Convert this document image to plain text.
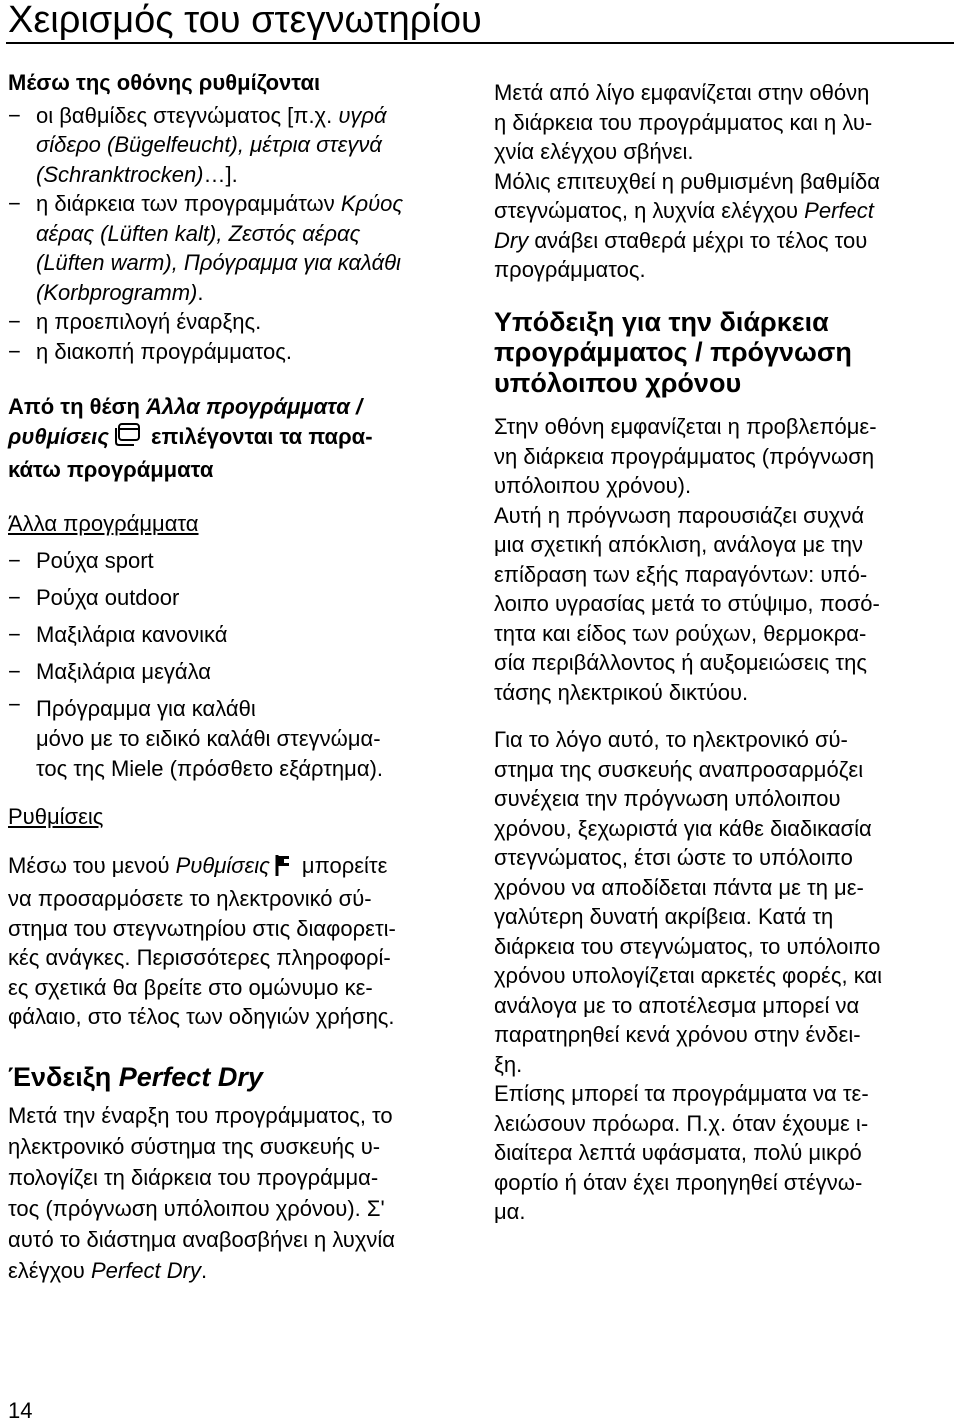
Χειρισμός του στεγνωτηρίου

Μέσω της οθόνης ρυθμίζονται

− οι βαθμίδες στεγνώματος [π.χ. υγρά
σίδερο (Bügelfeucht), μέτρια στεγνά
(Schranktrocken)…].
− η διάρκεια των προγραμμάτων Κρύος
αέρας (Lüften kalt), Ζεστός αέρας
(Lüften warm), Πρόγραμμα για καλάθι
(Korbprogramm).
− η προεπιλογή έναρξης.
− η διακοπή προγράμματος.

Από τη θέση Άλλα προγράμματα /
ρυθμίσεις επιλέγονται τα παρα-
κάτω προγράμματα

Άλλα προγράμματα

− Ρούχα sport
− Ρούχα outdoor
− Μαξιλάρια κανονικά
− Μαξιλάρια μεγάλα
− Πρόγραμμα για καλάθι
μόνο με το ειδικό καλάθι στεγνώμα-
τος της Miele (πρόσθετο εξάρτημα).

Ρυθμίσεις

Μέσω του μενού Ρυθμίσεις μπορείτε
να προσαρμόσετε το ηλεκτρονικό σύ-
στημα του στεγνωτηρίου στις διαφορετι-
κές ανάγκες. Περισσότερες πληροφορί-
ες σχετικά θα βρείτε στο ομώνυμο κε-
φάλαιο, στο τέλος των οδηγιών χρήσης.

Ένδειξη Perfect Dry

Μετά την έναρξη του προγράμματος, το
ηλεκτρονικό σύστημα της συσκευής υ-
πολογίζει τη διάρκεια του προγράμμα-
τος (πρόγνωση υπόλοιπου χρόνου). Σ'
αυτό το διάστημα αναβοσβήνει η λυχνία
ελέγχου Perfect Dry.

Μετά από λίγο εμφανίζεται στην οθόνη
η διάρκεια του προγράμματος και η λυ-
χνία ελέγχου σβήνει.
Μόλις επιτευχθεί η ρυθμισμένη βαθμίδα
στεγνώματος, η λυχνία ελέγχου Perfect
Dry ανάβει σταθερά μέχρι το τέλος του
προγράμματος.

Υπόδειξη για την διάρκεια
προγράμματος / πρόγνωση
υπόλοιπου χρόνου

Στην οθόνη εμφανίζεται η προβλεπόμε-
νη διάρκεια προγράμματος (πρόγνωση
υπόλοιπου χρόνου).
Αυτή η πρόγνωση παρουσιάζει συχνά
μια σχετική απόκλιση, ανάλογα με την
επίδραση των εξής παραγόντων: υπό-
λοιπο υγρασίας μετά το στύψιμο, ποσό-
τητα και είδος των ρούχων, θερμοκρα-
σία περιβάλλοντος ή αυξομειώσεις της
τάσης ηλεκτρικού δικτύου.

Για το λόγο αυτό, το ηλεκτρονικό σύ-
στημα της συσκευής αναπροσαρμόζει
συνέχεια την πρόγνωση υπόλοιπου
χρόνου, ξεχωριστά για κάθε διαδικασία
στεγνώματος, έτσι ώστε το υπόλοιπο
χρόνου να αποδίδεται πάντα με τη με-
γαλύτερη δυνατή ακρίβεια. Κατά τη
διάρκεια του στεγνώματος, το υπόλοιπο
χρόνου υπολογίζεται αρκετές φορές, και
ανάλογα με το αποτέλεσμα μπορεί να
παρατηρηθεί κενά χρόνου στην ένδει-
ξη.
Επίσης μπορεί τα προγράμματα να τε-
λειώσουν πρόωρα. Π.χ. όταν έχουμε ι-
διαίτερα λεπτά υφάσματα, πολύ μικρό
φορτίο ή όταν έχει προηγηθεί στέγνω-
μα.

14
